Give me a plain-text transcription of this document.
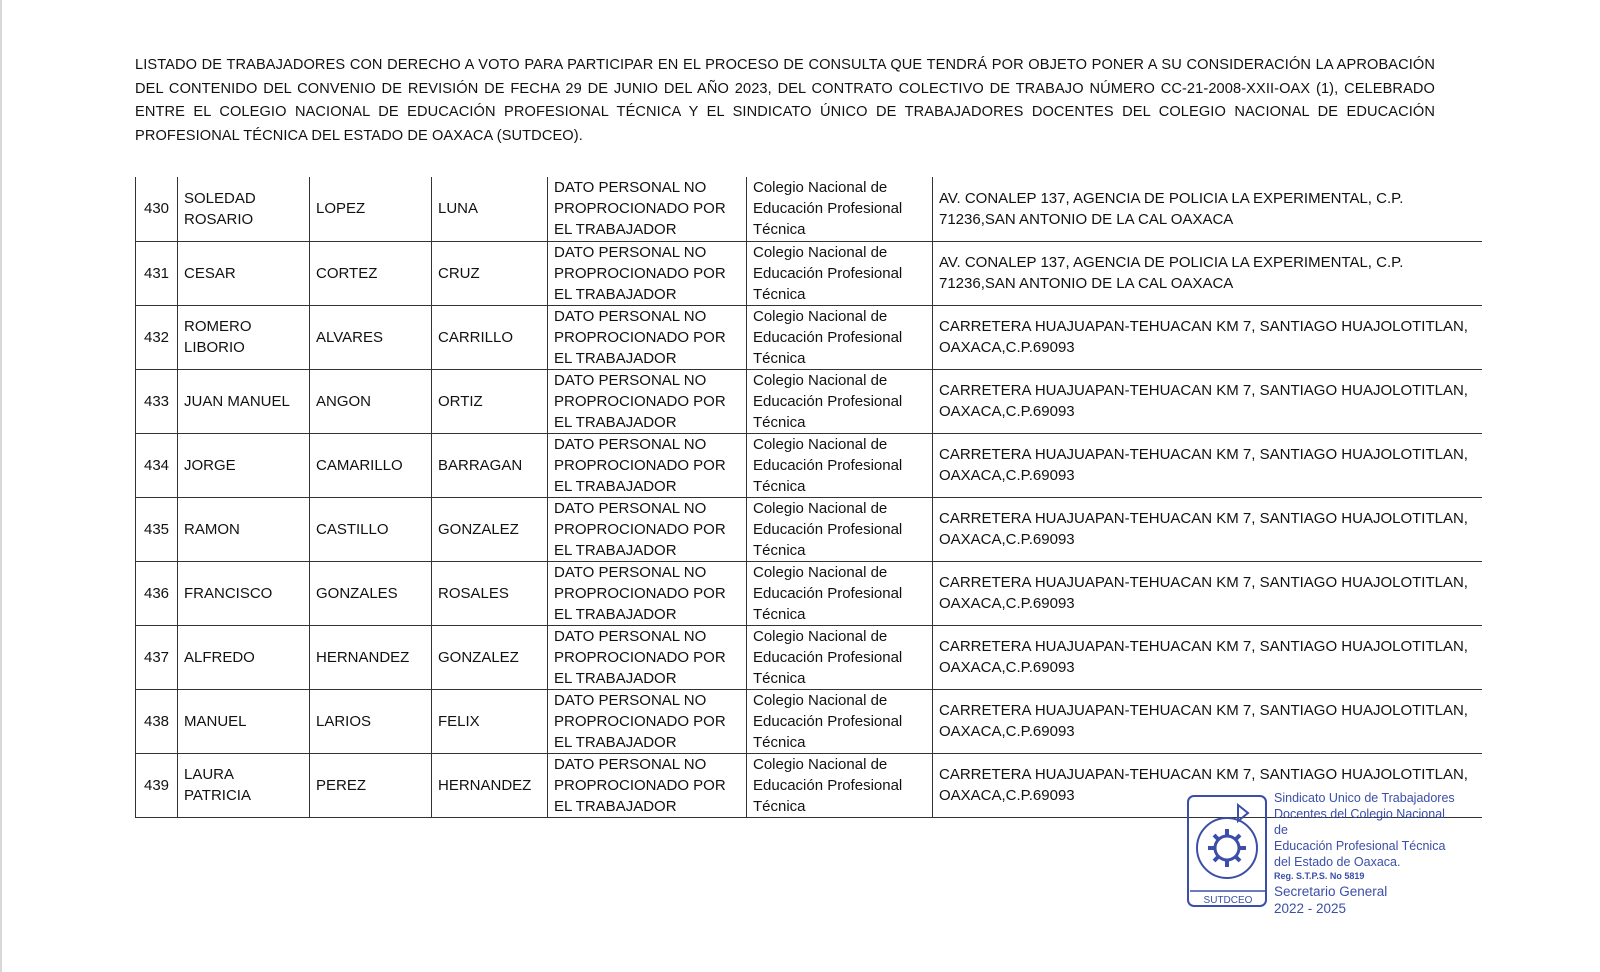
LISTADO DE TRABAJADORES CON DERECHO A VOTO PARA PARTICIPAR EN EL PROCESO DE CONSULTA QUE TENDRÁ POR OBJETO PONER A SU CONSIDERACIÓN LA APROBACIÓN DEL CONTENIDO DEL CONVENIO DE REVISIÓN DE FECHA 29 DE JUNIO DEL AÑO 2023, DEL CONTRATO COLECTIVO DE TRABAJO NÚMERO CC-21-2008-XXII-OAX (1), CELEBRADO ENTRE EL COLEGIO NACIONAL DE EDUCACIÓN PROFESIONAL TÉCNICA Y EL SINDICATO ÚNICO DE TRABAJADORES DOCENTES DEL COLEGIO NACIONAL DE EDUCACIÓN PROFESIONAL TÉCNICA DEL ESTADO DE OAXACA (SUTDCEO).
430	SOLEDAD ROSARIO	LOPEZ	LUNA	DATO PERSONAL NO PROPROCIONADO POR EL TRABAJADOR	Colegio Nacional de Educación Profesional Técnica	AV. CONALEP 137, AGENCIA DE POLICIA LA EXPERIMENTAL, C.P. 71236,SAN ANTONIO DE LA CAL OAXACA
431	CESAR	CORTEZ	CRUZ	DATO PERSONAL NO PROPROCIONADO POR EL TRABAJADOR	Colegio Nacional de Educación Profesional Técnica	AV. CONALEP 137, AGENCIA DE POLICIA LA EXPERIMENTAL, C.P. 71236,SAN ANTONIO DE LA CAL OAXACA
432	ROMERO LIBORIO	ALVARES	CARRILLO	DATO PERSONAL NO PROPROCIONADO POR EL TRABAJADOR	Colegio Nacional de Educación Profesional Técnica	CARRETERA HUAJUAPAN-TEHUACAN KM 7, SANTIAGO HUAJOLOTITLAN, OAXACA,C.P.69093
433	JUAN MANUEL	ANGON	ORTIZ	DATO PERSONAL NO PROPROCIONADO POR EL TRABAJADOR	Colegio Nacional de Educación Profesional Técnica	CARRETERA HUAJUAPAN-TEHUACAN KM 7, SANTIAGO HUAJOLOTITLAN, OAXACA,C.P.69093
434	JORGE	CAMARILLO	BARRAGAN	DATO PERSONAL NO PROPROCIONADO POR EL TRABAJADOR	Colegio Nacional de Educación Profesional Técnica	CARRETERA HUAJUAPAN-TEHUACAN KM 7, SANTIAGO HUAJOLOTITLAN, OAXACA,C.P.69093
435	RAMON	CASTILLO	GONZALEZ	DATO PERSONAL NO PROPROCIONADO POR EL TRABAJADOR	Colegio Nacional de Educación Profesional Técnica	CARRETERA HUAJUAPAN-TEHUACAN KM 7, SANTIAGO HUAJOLOTITLAN, OAXACA,C.P.69093
436	FRANCISCO	GONZALES	ROSALES	DATO PERSONAL NO PROPROCIONADO POR EL TRABAJADOR	Colegio Nacional de Educación Profesional Técnica	CARRETERA HUAJUAPAN-TEHUACAN KM 7, SANTIAGO HUAJOLOTITLAN, OAXACA,C.P.69093
437	ALFREDO	HERNANDEZ	GONZALEZ	DATO PERSONAL NO PROPROCIONADO POR EL TRABAJADOR	Colegio Nacional de Educación Profesional Técnica	CARRETERA HUAJUAPAN-TEHUACAN KM 7, SANTIAGO HUAJOLOTITLAN, OAXACA,C.P.69093
438	MANUEL	LARIOS	FELIX	DATO PERSONAL NO PROPROCIONADO POR EL TRABAJADOR	Colegio Nacional de Educación Profesional Técnica	CARRETERA HUAJUAPAN-TEHUACAN KM 7, SANTIAGO HUAJOLOTITLAN, OAXACA,C.P.69093
439	LAURA PATRICIA	PEREZ	HERNANDEZ	DATO PERSONAL NO PROPROCIONADO POR EL TRABAJADOR	Colegio Nacional de Educación Profesional Técnica	CARRETERA HUAJUAPAN-TEHUACAN KM 7, SANTIAGO HUAJOLOTITLAN, OAXACA,C.P.69093
SUTDCEO
Sindicato Unico de Trabajadores
Docentes del Colegio Nacional de
Educación Profesional Técnica
del Estado de Oaxaca.
Reg. S.T.P.S. No 5819
Secretario General
2022 - 2025
